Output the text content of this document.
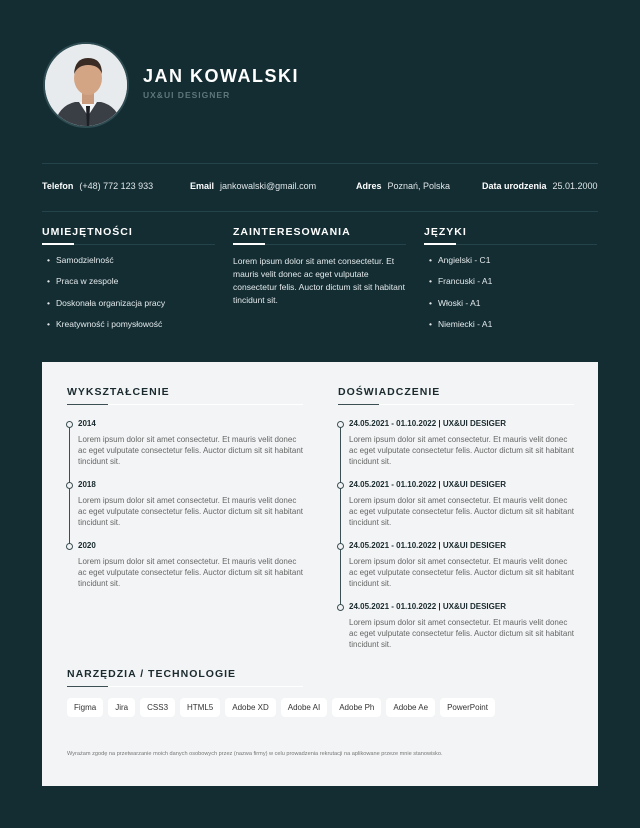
JAN KOWALSKI
UX&UI DESIGNER
Telefon (+48) 772 123 933	Email jankowalski@gmail.com	Adres Poznań, Polska	Data urodzenia 25.01.2000
UMIEJĘTNOŚCI
• Samodzielność
• Praca w zespole
• Doskonała organizacja pracy
• Kreatywność i pomysłowość
ZAINTERESOWANIA

Lorem ipsum dolor sit amet consectetur. Et mauris velit donec ac eget vulputate consectetur felis. Auctor dictum sit sit habitant tincidunt sit.

JĘZYKI
• Angielski - C1
• Francuski - A1
• Włoski - A1
• Niemiecki - A1
WYKSZTAŁCENIE
2014
Lorem ipsum dolor sit amet consectetur. Et mauris velit donec ac eget vulputate consectetur felis. Auctor dictum sit sit habitant tincidunt sit.
2018
Lorem ipsum dolor sit amet consectetur. Et mauris velit donec ac eget vulputate consectetur felis. Auctor dictum sit sit habitant tincidunt sit.
2020
Lorem ipsum dolor sit amet consectetur. Et mauris velit donec ac eget vulputate consectetur felis. Auctor dictum sit sit habitant tincidunt sit.
DOŚWIADCZENIE
24.05.2021 - 01.10.2022 | UX&UI DESIGER
Lorem ipsum dolor sit amet consectetur. Et mauris velit donec ac eget vulputate consectetur felis. Auctor dictum sit sit habitant tincidunt sit.
24.05.2021 - 01.10.2022 | UX&UI DESIGER
Lorem ipsum dolor sit amet consectetur. Et mauris velit donec ac eget vulputate consectetur felis. Auctor dictum sit sit habitant tincidunt sit.
24.05.2021 - 01.10.2022 | UX&UI DESIGER
Lorem ipsum dolor sit amet consectetur. Et mauris velit donec ac eget vulputate consectetur felis. Auctor dictum sit sit habitant tincidunt sit.
24.05.2021 - 01.10.2022 | UX&UI DESIGER
Lorem ipsum dolor sit amet consectetur. Et mauris velit donec ac eget vulputate consectetur felis. Auctor dictum sit sit habitant tincidunt sit.
NARZĘDZIA / TECHNOLOGIE
Figma	Jira	CSS3	HTML5	Adobe XD	Adobe AI	Adobe Ph	Adobe Ae	PowerPoint
Wyrażam zgodę na przetwarzanie moich danych osobowych przez (nazwa firmy) w celu prowadzenia rekrutacji na aplikowane przeze mnie stanowisko.
